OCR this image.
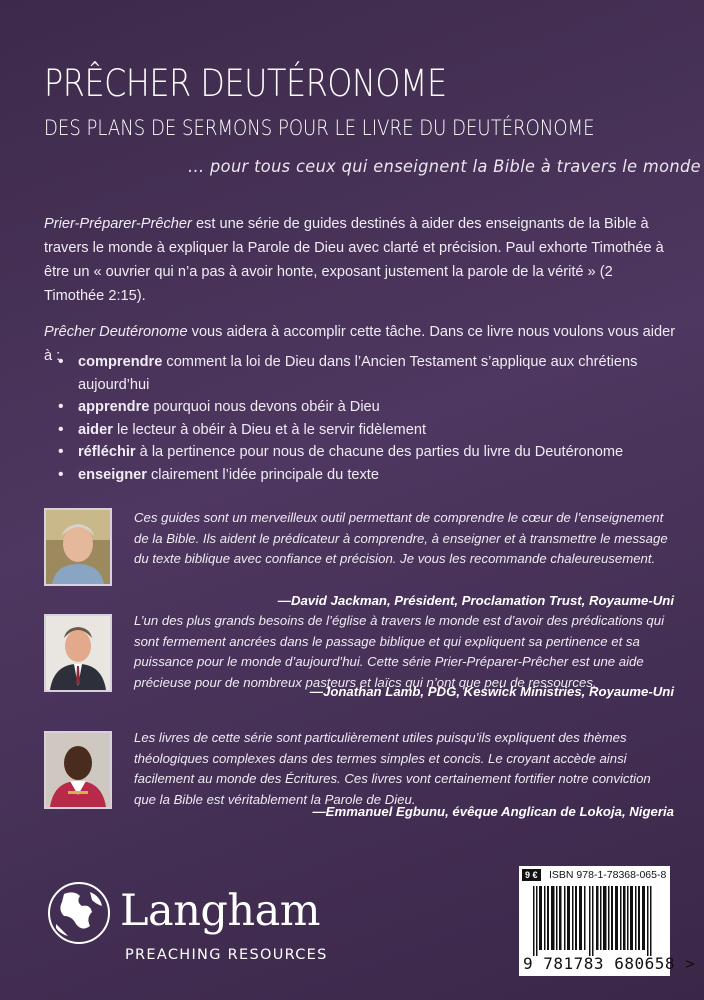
PRÊCHER DEUTÉRONOME
DES PLANS DE SERMONS POUR LE LIVRE DU DEUTÉRONOME

... pour tous ceux qui enseignent la Bible à travers le monde

Prier-Préparer-Prêcher est une série de guides destinés à aider des enseignants de la Bible à travers le monde à expliquer la Parole de Dieu avec clarté et précision. Paul exhorte Timothée à être un « ouvrier qui n’a pas à avoir honte, exposant justement la parole de la vérité » (2 Timothée 2:15).

Prêcher Deutéronome vous aidera à accomplir cette tâche. Dans ce livre nous voulons vous aider à :

•	comprendre comment la loi de Dieu dans l’Ancien Testament s’applique aux chrétiens aujourd’hui
• apprendre pourquoi nous devons obéir à Dieu
• aider le lecteur à obéir à Dieu et à le servir fidèlement
• réfléchir à la pertinence pour nous de chacune des parties du livre du Deutéronome
• enseigner clairement l’idée principale du texte

Ces guides sont un merveilleux outil permettant de comprendre le cœur de l’enseignement de la Bible. Ils aident le prédicateur à comprendre, à enseigner et à transmettre le message du texte biblique avec confiance et précision. Je vous les recommande chaleureusement.

—David Jackman, Président, Proclamation Trust, Royaume-Uni

L’un des plus grands besoins de l’église à travers le monde est d’avoir des prédications qui sont fermement ancrées dans le passage biblique et qui expliquent sa pertinence et sa puissance pour le monde d’aujourd’hui. Cette série Prier-Préparer-Prêcher est une aide précieuse pour de nombreux pasteurs et laïcs qui n’ont que peu de ressources.

—Jonathan Lamb, PDG, Keswick Ministries, Royaume-Uni

Les livres de cette série sont particulièrement utiles puisqu’ils expliquent des thèmes théologiques complexes dans des termes simples et concis. Le croyant accède ainsi facilement au monde des Écritures. Ces livres vont certainement fortifier notre conviction que la Bible est véritablement la Parole de Dieu.

—Emmanuel Egbunu, évêque Anglican de Lokoja, Nigeria

Langham

PREACHING RESOURCES

9 € ISBN 978-1-78368-065-8

9 781783 680658 >
